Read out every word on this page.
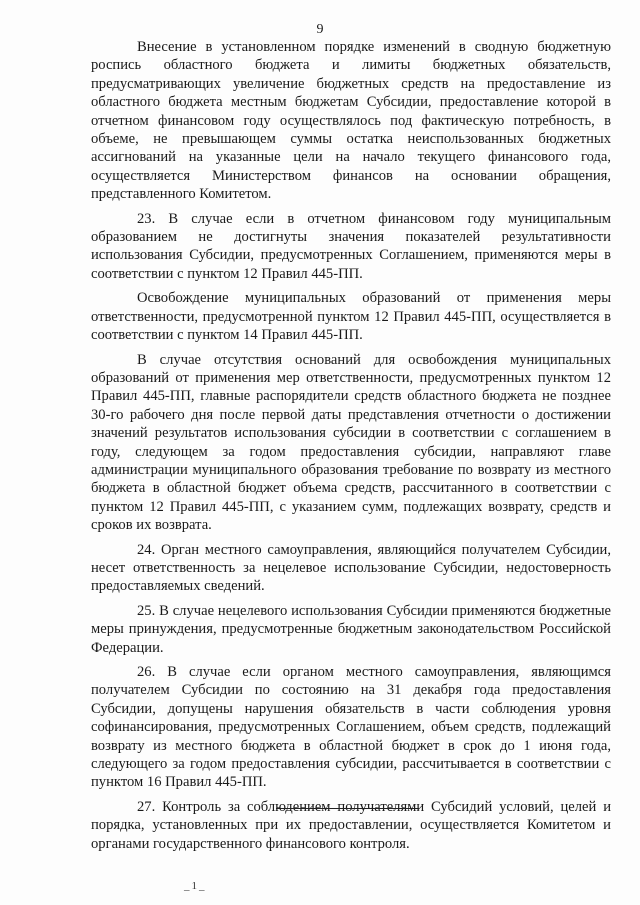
9

Внесение в установленном порядке изменений в сводную бюджетную роспись областного бюджета и лимиты бюджетных обязательств, предусматривающих увеличение бюджетных средств на предоставление из областного бюджета местным бюджетам Субсидии, предоставление которой в отчетном финансовом году осуществлялось под фактическую потребность, в объеме, не превышающем суммы остатка неиспользованных бюджетных ассигнований на указанные цели на начало текущего финансового года, осуществляется Министерством финансов на основании обращения, представленного Комитетом.

23. В случае если в отчетном финансовом году муниципальным образованием не достигнуты значения показателей результативности использования Субсидии, предусмотренных Соглашением, применяются меры в соответствии с пунктом 12 Правил 445-ПП.

Освобождение муниципальных образований от применения меры ответственности, предусмотренной пунктом 12 Правил 445-ПП, осуществляется в соответствии с пунктом 14 Правил 445-ПП.

В случае отсутствия оснований для освобождения муниципальных образований от применения мер ответственности, предусмотренных пунктом 12 Правил 445-ПП, главные распорядители средств областного бюджета не позднее 30-го рабочего дня после первой даты представления отчетности о достижении значений результатов использования субсидии в соответствии с соглашением в году, следующем за годом предоставления субсидии, направляют главе администрации муниципального образования требование по возврату из местного бюджета в областной бюджет объема средств, рассчитанного в соответствии с пунктом 12 Правил 445-ПП, с указанием сумм, подлежащих возврату, средств и сроков их возврата.

24. Орган местного самоуправления, являющийся получателем Субсидии, несет ответственность за нецелевое использование Субсидии, недостоверность предоставляемых сведений.

25. В случае нецелевого использования Субсидии применяются бюджетные меры принуждения, предусмотренные бюджетным законодательством Российской Федерации.

26. В случае если органом местного самоуправления, являющимся получателем Субсидии по состоянию на 31 декабря года предоставления Субсидии, допущены нарушения обязательств в части соблюдения уровня софинансирования, предусмотренных Соглашением, объем средств, подлежащий возврату из местного бюджета в областной бюджет в срок до 1 июня года, следующего за годом предоставления субсидии, рассчитывается в соответствии с пунктом 16 Правил 445-ПП.

27. Контроль за соблюдением получателями Субсидий условий, целей и порядка, установленных при их предоставлении, осуществляется Комитетом и органами государственного финансового контроля.

_1_
